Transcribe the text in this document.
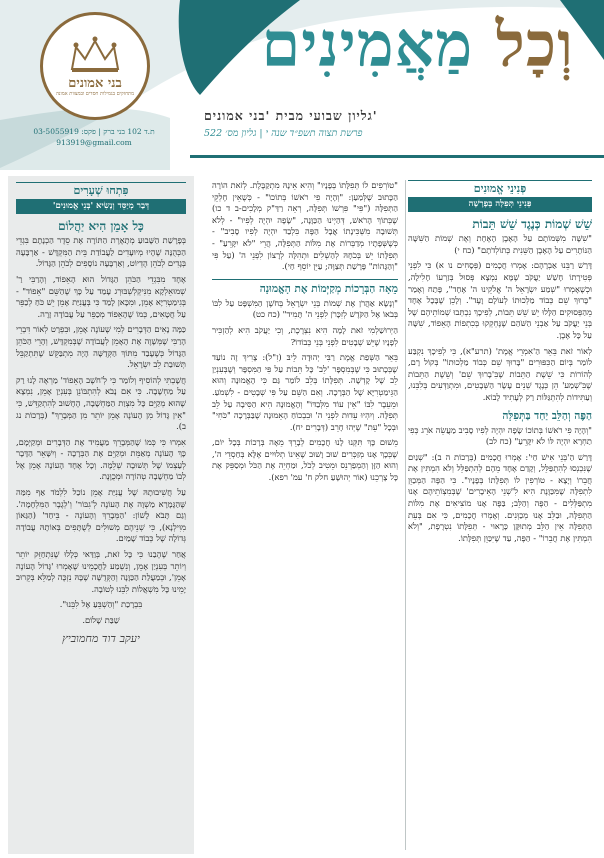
בני אמונים
מתחזקים בגמילות חסדים ובמצוות אמונה
וְכָל מַאֲמִינִים
גליון שבועי מבית 'בני אמונים'
פרשת תצוה תשפ״ד שנה י | גליון מס׳ 522
ת.ד 102 בני ברק | פקס: 03-5055919
913919@gmail.com
פְּנִינֵי אֱמוּנִים
פְּנִינֵי תְּפִלָּה בְּפָרָשָׁה
שֵׁשׁ שְׁמוֹת כְּנֶגֶד שֵׁשׁ תֵּבוֹת

"שִׁשָּׁה מִשְּׁמוֹתָם עַל הָאֶבֶן הָאֶחָת וְאֶת שְׁמוֹת הַשִּׁשָּׁה הַנּוֹתָרִים עַל הָאֶבֶן הַשֵּׁנִית כְּתוֹלְדֹתָם" (כח י)

דָּרַשׁ רַבֵּנוּ אַבְרָהָם: אָמְרוּ חֲכָמִים (פְּסָחִים נו א) כִּי לִפְנֵי פְּטִירָתוֹ חָשַׁשׁ יַעֲקֹב שֶׁמָּא נִמְצָא פְּסוּל בְּזַרְעוֹ חָלִילָה, וּכְשֶׁאָמְרוּ "שְׁמַע יִשְׂרָאֵל ה' אֱלֹקֵינוּ ה' אֶחָד", פָּתַח וְאָמַר "בָּרוּךְ שֵׁם כְּבוֹד מַלְכוּתוֹ לְעוֹלָם וָעֶד". וְלָכֵן שֶׁבָּכָל אֶחָד מֵהַפְּסוּקִים הַלָּלוּ יֵשׁ שֵׁשׁ תֵּבוֹת, לְפִיכָךְ נִכְתְּבוּ שְׁמוֹתֵיהֶם שֶׁל בְּנֵי יַעֲקֹב עַל אַבְנֵי הַשֹּׁהַם שֶׁנֶּחְקְקוּ בְּכִתְפוֹת הָאֵפוֹד, שִׁשָּׁה עַל כָּל אֶבֶן.

לְאוֹר זֹאת בֵּאֵר הַ'אִמְרֵי אֱמֶת' (תרע"א), כִּי לְפִיכָךְ נִקְבַּע לוֹמַר בְּיוֹם הַכִּפּוּרִים "בָּרוּךְ שֵׁם כְּבוֹד מַלְכוּתוֹ" בְּקוֹל רָם, לְהוֹרוֹת כִּי שֵׁשֶׁת הַתֵּבוֹת שֶׁבִּ'בָרוּךְ שֵׁם' וְשֵׁשֶׁת הַתֵּבוֹת שֶׁבִּ'שְׁמַע' הֵן כְּנֶגֶד שְׁנֵים עָשָׂר הַשְּׁבָטִים, וּמִתְוַדְּעִים בְּלִבֵּנוּ, וְעַתִּידוֹת לְהִתְגַּלּוֹת רַק לְעָתִיד לָבוֹא.

הַפֶּה וְהַלֵּב יַחַד בַּתְּפִלָּה

"וְהָיָה פִי רֹאשׁוֹ בְּתוֹכוֹ שָׂפָה יִהְיֶה לְפִיו סָבִיב מַעֲשֵׂה אֹרֵג כְּפִי תַחְרָא יִהְיֶה לּוֹ לֹא יִקָּרֵעַ" (כח לב)

דָּרַשׁ הַ'בְּנֵי אִישׁ חַי': אָמְרוּ חֲכָמִים (בְּרָכוֹת ה ב): "שְׁנַיִם שֶׁנִּכְנְסוּ לְהִתְפַּלֵּל, וְקָדַם אֶחָד מֵהֶם לְהִתְפַּלֵּל וְלֹא הִמְתִּין אֶת חֲבֵרוֹ וְיָצָא - טוֹרְפִין לוֹ תְּפִלָּתוֹ בְּפָנָיו". כִּי הַפֶּה הַמְּכַוֵּן לִתְפִלָּה שֶׁמִּכַּוֶּנֶת הִיא לִ'שְׁנֵי הָאֵיבָרִים' שֶׁבְּמִצְוֹתֵיהֶם אָנוּ מִתְפַּלְּלִים - הַפֶּה וְהַלֵּב; בַּפֶּה אָנוּ מוֹצִיאִים אֶת מִלּוֹת הַתְּפִלָּה, וּבַלֵּב אָנוּ מְכַוְּנִים. וְאָמְרוּ חֲכָמִים, כִּי אִם בְּעֵת הַתְּפִלָּה אֵין הַלֵּב מְתוּקָּן כָּרָאוּי - תְּפִלָּתוֹ נִטְרֶפֶת, "וְלֹא הִמְתִּין אֶת חֲבֵרוֹ" - הַפֶּה, עַד שֶׁיִּכַּוֵּן תְּפִלָּתוֹ.

"טוֹרְפִים לוֹ תְּפִלָּתוֹ בְּפָנָיו" וְהִיא אֵינָהּ מִתְקַבֶּלֶת. לְזֹאת הוֹרָה הַכָּתוּב שֶׁלְּמַעַן: "וְהָיָה פִי רֹאשׁוֹ בְּתוֹכוֹ" - כְּשֶׁאֵין חֶלְקֵי הַתְּפִלָּה ("פִּי" פִּרְשׁוֹ תְּפִלָּה, רְאֵה רַדַּ"ק מְלָכִים-ב ד כו) שֶׁבְּתוֹךְ הָרֹאשׁ, דְּהַיְינוּ הַכַּוָּנָה, "שָׂפָה יִהְיֶה לְפִיו" - לְלֹא תְּשׁוּבָה מִשְּׁכִּינָתוֹ אֲבָל הַפֶּה בִּלְבַד יִהְיֶה לְפִיו סָבִיב" - כְּשֶׁשְּׁפָתָיו מְדַבְּרוֹת אֶת מִלּוֹת הַתְּפִלָּה, הֲרֵי "לֹא יִקָּרֵעַ" - תְּפִלָּתוֹ יֵשׁ בְּכֹחָהּ לְהַשְׁלִים וּתְהִלָּה לְרָצוֹן לִפְנֵי ה' (עַל פִּי "וְהַגָּהוֹת" פָּרָשַׁת תְּצַוֶּה; עַיֵּן יוֹסֵף חַי).

מֵאָה הַבְּרָכוֹת מְקַיְּמוֹת אֶת הָאֱמוּנָה

"וְנָשָׂא אַהֲרֹן אֶת שְׁמוֹת בְּנֵי יִשְׂרָאֵל בְּחֹשֶׁן הַמִּשְׁפָּט עַל לִבּוֹ בְּבֹאוֹ אֶל הַקֹּדֶשׁ לְזִכָּרֹן לִפְנֵי ה' תָּמִיד" (כח כט)

הַיְרוּשַׁלְמִי זֹאת לָמָה הִיא נִצְרֶכֶת, וְכִי יַעֲקֹב הִיא לְהַזְכִּיר לְפָנָיו שֶׁיֵּשׁ שְׁבָטִים לִפְנֵי בְּנֵי כְּבוֹדוֹ?

בֵּאֵר הַשְּׁפַת אֱמֶת רַבִּי יְהוּדָה לֵיבּ (זִ"ל): צָרִיךְ זֶה נוֹעַד שֶׁבְּכָתוּב כִּי שֶׁבְּמִסְפָּר 'לֵב' כָּל תֵּבוֹת עַל פִּי הַמִּסְפָּר וְשֶׁבְּעִנְיַן לֵב שֶׁל קָדְשָׁה. תְּפִלָּתוֹ בְּלֵב לוֹמַר גַּם כִּי הָאֱמוּנָה וְהוּא הַגֵּימַטְרִיָּא שֶׁל הַבְּרָכָה. וְאִם הַשֵּׁם עַל פִּי שְׁבָטִים - לִשְׁמֹעַ. וּמֵעֵבֶר לִבּוֹ "אֵין עוֹד מִלְּבַדּוֹ" וְהָאֱמוּנָה הִיא הַסִּיבָה עַל לֵב תְּפִלָּה. וְיִהְיוּ עֵדוּת לִפְנֵי ה' וּבִבְכוֹחַ הָאֵמוּנָה שֶׁבַּבְּרָכָה "כֹּחִי" וּבְכָל "עֵת" שֶׁיְּהוּ חָרֵב (דְּבָרִים יח).

מֵשׁוּם כָּךְ תִּקְּנוּ לָנוּ חֲכָמִים לְבָרֵךְ מֵאָה בְּרָכוֹת בְּכָל יוֹם, שֶׁבְּכָךְ אָנוּ מְזַכְּרִים שׁוּב וָשׁוּב שֶׁאֵינוֹ תְלוּיִים אֶלָּא בְּחַסְדֵי ה', וְהוּא הַזָּן וְהַמְפַרְנֵס וּמֵטִיב לְכֹל, וּמַחְיֵה אֶת הַכֹּל וּמְסַפֵּק אֶת כָּל צָרְכֵנוּ (אוֹר יְהוּשָׁעַ חלק ח' עמ' רפא).

פִּתְחוּ שְׁעָרִים
דְּבַר מְיַסֵּד וְנָשִׂיא 'בְּנֵי אֱמוּנִים'
כָּל אָמֵן הִיא יַהֲלוֹם

בְּפָרָשַׁת הַשָּׁבוּעַ מְתָאֶרֶת הַתּוֹרָה אֶת סֵדֶר הַכְנָתָם בִּגְדֵי הַכְּהֻנָּה שֶׁהָיוּ מְיוּעָדִים לַעֲבוֹדַת בֵּית הַמִּקְדָּשׁ - אַרְבָּעָה בְּגָדִים לְכֹהֵן הֶדְיוֹט, וְאַרְבָּעָה נוֹסָפִים לְכֹהֵן הַגָּדוֹל.

אֶחָד מִבִּגְדֵי הַכֹּהֵן הַגָּדוֹל הוּא הָאֵפוֹד, וְהָרַבִּי רַ' שְׁמוּאֵלְקָא מִנִּיקְלְשְׁבּוּרְג עָמַד עַל כָּךְ שֶׁהַשֵּׁם "אֵפוֹד" - בְּגִימַטְרִיָּא אָמֵן, וּמִכָּאן לָמַד כִּי בְּעֲנִיַּת אָמֵן יֵשׁ כֹּחַ לְכַפֵּר עַל חֲטָאִים, כְּמוֹ שֶׁהָאֵפוֹד מְכַפֵּר עַל עֲבוֹדָה זָרָה.

כַּמָּה נָאִים הַדְּבָרִים לְמִי שֶׁעוֹנֶה אָמֵן, וּבִפְרָט לְאוֹר דִּבְרֵי הָרַבִּי שֶׁמְּשָׁוֶה אֶת הָאָמֵן לְעֲבוֹדָה שֶׁבְּמִקְדָּשׁ, וְהָרֵי הַכֹּהֵן הַגָּדוֹל כְּשֶׁעָבַד מִתּוֹךְ הַקְּדֻשָּׁה הָיָה מִתְבַּקֵּשׁ שֶׁתִּתְקַבֵּל תְּשׁוּבַת לֵב יִשְׂרָאֵל.

חֲשָׁבְתִּי לְהוֹסִיף וְלוֹמַר כִּי לְ'חֹשֶׁב הָאֵפוֹד' מַרְאֶה לָנוּ רַק עַל מַחְשָׁבָה. כִּי אִם נָבֹא לְהִתְבּוֹנֵן בְּעִנְיַן אָמֵן, נִמְצָא שֶׁהוּא מְקַיֵּם כָּל מִצְוַת הַמַּחְשָׁבָה, הֶחָשׁוּב לְהִתְקַדֵּשׁ, כִּי "אֵין גָּדוֹל מִן הָעוֹנֶה אָמֵן יוֹתֵר מִן הַמְּבָרֵךְ" (בְּרָכוֹת נג ב).

אִמְרוּ כִּי כְּמוֹ שֶׁהַמְּבָרֵךְ מַעֲמִיד אֶת הַדְּבָרִים וּמְקַיְּמָם, כָּךְ הָעוֹנֶה מְאַמֵּת וּמְקַיֵּם אֶת הַבְּרָכָה - וְיִשָּׁאֵר הַדָּבָר לְעַצְמוֹ שֶׁל תְּשׁוּבָה שְׁלֵמָה. וְכָל אֶחָד הָעוֹנֶה אָמֵן אֶל לְבוֹ מַחְשָׁבָה טְהוֹרָה וּמְכֻוֶּנֶת.

עַל חֲשִׁיבוּתָהּ שֶׁל עֲנִיַּת אָמֵן נוֹכַל לִלְמֹד אַף מִמַּה שֶּׁהַגָּמָרָא מַשְׁוָה אֶת הָעוֹנֶה לְ'גִבּוֹר' וְ'לְגֶבֶר הַמִּלְחָמָה'. וְגַם תָּבֹא לָשׁוֹן: 'הַמְּבָרֵךְ וְהָעוֹנֶה - בֵּיחַד' (הַגַּאוֹן מִוִּילְנָא), כִּי שְׁנֵיהֶם מְשׁוּלִים לְשֻׁתָּפִים בְּאוֹתָהּ עֲבוֹדָה גְּדוֹלָה שֶׁל כְּבוֹד שָׁמַיִם.

אֲחַר שֶׁהֶבַנוּ כִּי כָּל זֹאת, בְּוַדַּאי כְּלָלוּ שֶׁנִּתְחַזֵּק יוֹתֵר וְיוֹתֵר בְּעִנְיַן אָמֵן, וְנִשְׁמַע לַחֲכָמֵינוּ שֶׁאָמְרוּ 'גָּדוֹל הָעוֹנֶה אָמֵן', וּבְמַעֲלַת הַכַּוָּנָה וְהַקְּדֻשָּׁה שֶׁבָּהּ נִזְכֶּה לְמַלֵּא בְּקֵרוּב יָמֵינוּ כָּל מִשְׁאֲלוֹת לִבֵּנוּ לְטוֹבָה.

בִּבְרָכַת "וְהַשְׁבֵּעַ אֶל לִבֵּנוּ".

שַׁבַּת שָׁלוֹם.
יעקב דוד מחמוביץ
